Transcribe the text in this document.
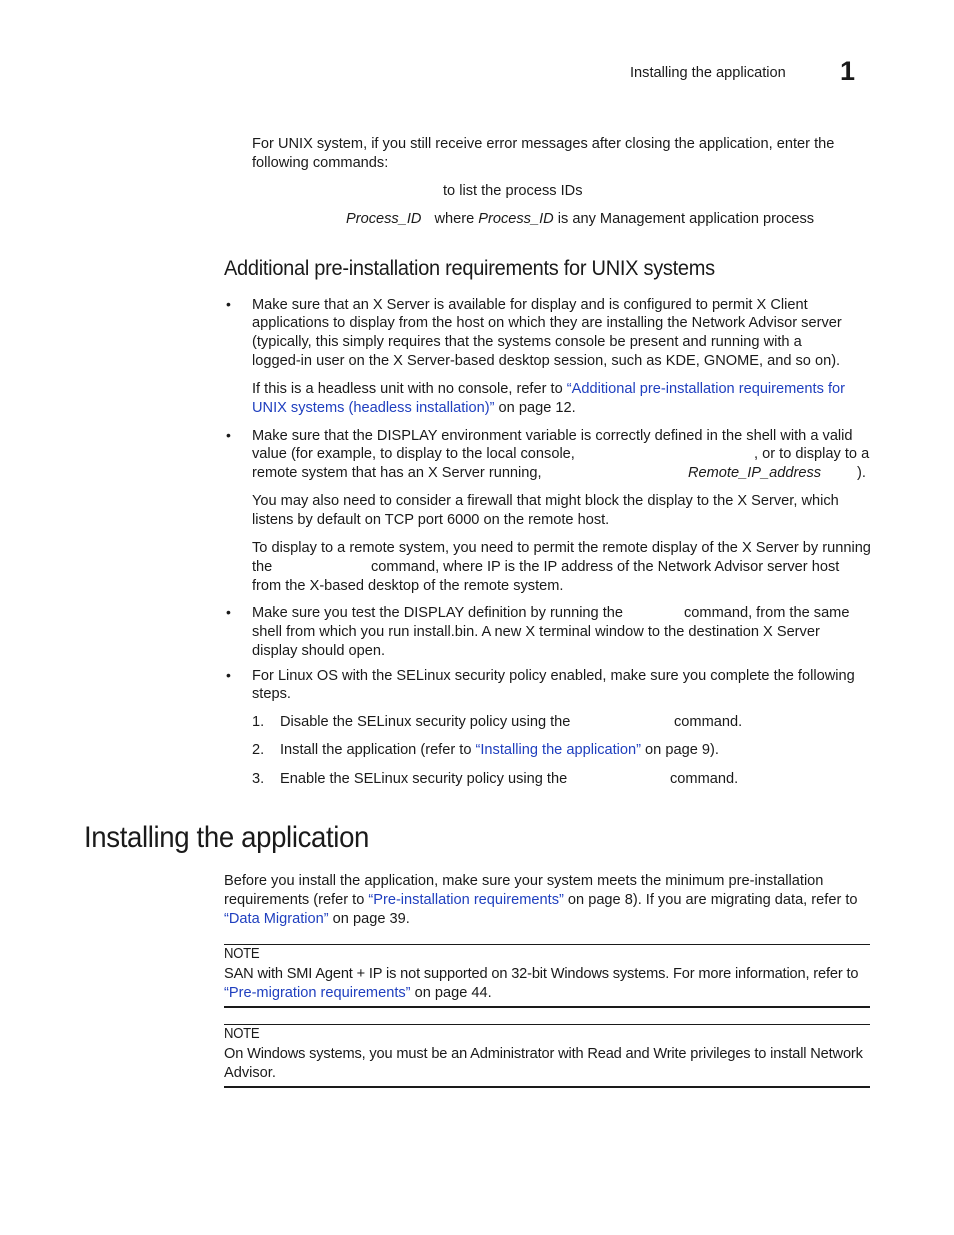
Installing the application 1
For UNIX system, if you still receive error messages after closing the application, enter the
following commands:
to list the process IDs
Process_ID where Process_ID is any Management application process
Additional pre-installation requirements for UNIX systems
• Make sure that an X Server is available for display and is configured to permit X Client
applications to display from the host on which they are installing the Network Advisor server
(typically, this simply requires that the systems console be present and running with a
logged-in user on the X Server-based desktop session, such as KDE, GNOME, and so on).
If this is a headless unit with no console, refer to “Additional pre-installation requirements for
UNIX systems (headless installation)” on page 12.
• Make sure that the DISPLAY environment variable is correctly defined in the shell with a valid
value (for example, to display to the local console,	, or to display to a
remote system that has an X Server running,	Remote_IP_address ).
You may also need to consider a firewall that might block the display to the X Server, which
listens by default on TCP port 6000 on the remote host.
To display to a remote system, you need to permit the remote display of the X Server by running
the	command, where IP is the IP address of the Network Advisor server host
from the X-based desktop of the remote system.
• Make sure you test the DISPLAY definition by running the	command, from the same
shell from which you run install.bin. A new X terminal window to the destination X Server
display should open.
• For Linux OS with the SELinux security policy enabled, make sure you complete the following
steps.
1. Disable the SELinux security policy using the	command.
2. Install the application (refer to “Installing the application” on page 9).
3. Enable the SELinux security policy using the	command.
Installing the application
Before you install the application, make sure your system meets the minimum pre-installation
requirements (refer to “Pre-installation requirements” on page 8). If you are migrating data, refer to
“Data Migration” on page 39.
NOTE
SAN with SMI Agent + IP is not supported on 32-bit Windows systems. For more information, refer to
“Pre-migration requirements” on page 44.
NOTE
On Windows systems, you must be an Administrator with Read and Write privileges to install Network
Advisor.
